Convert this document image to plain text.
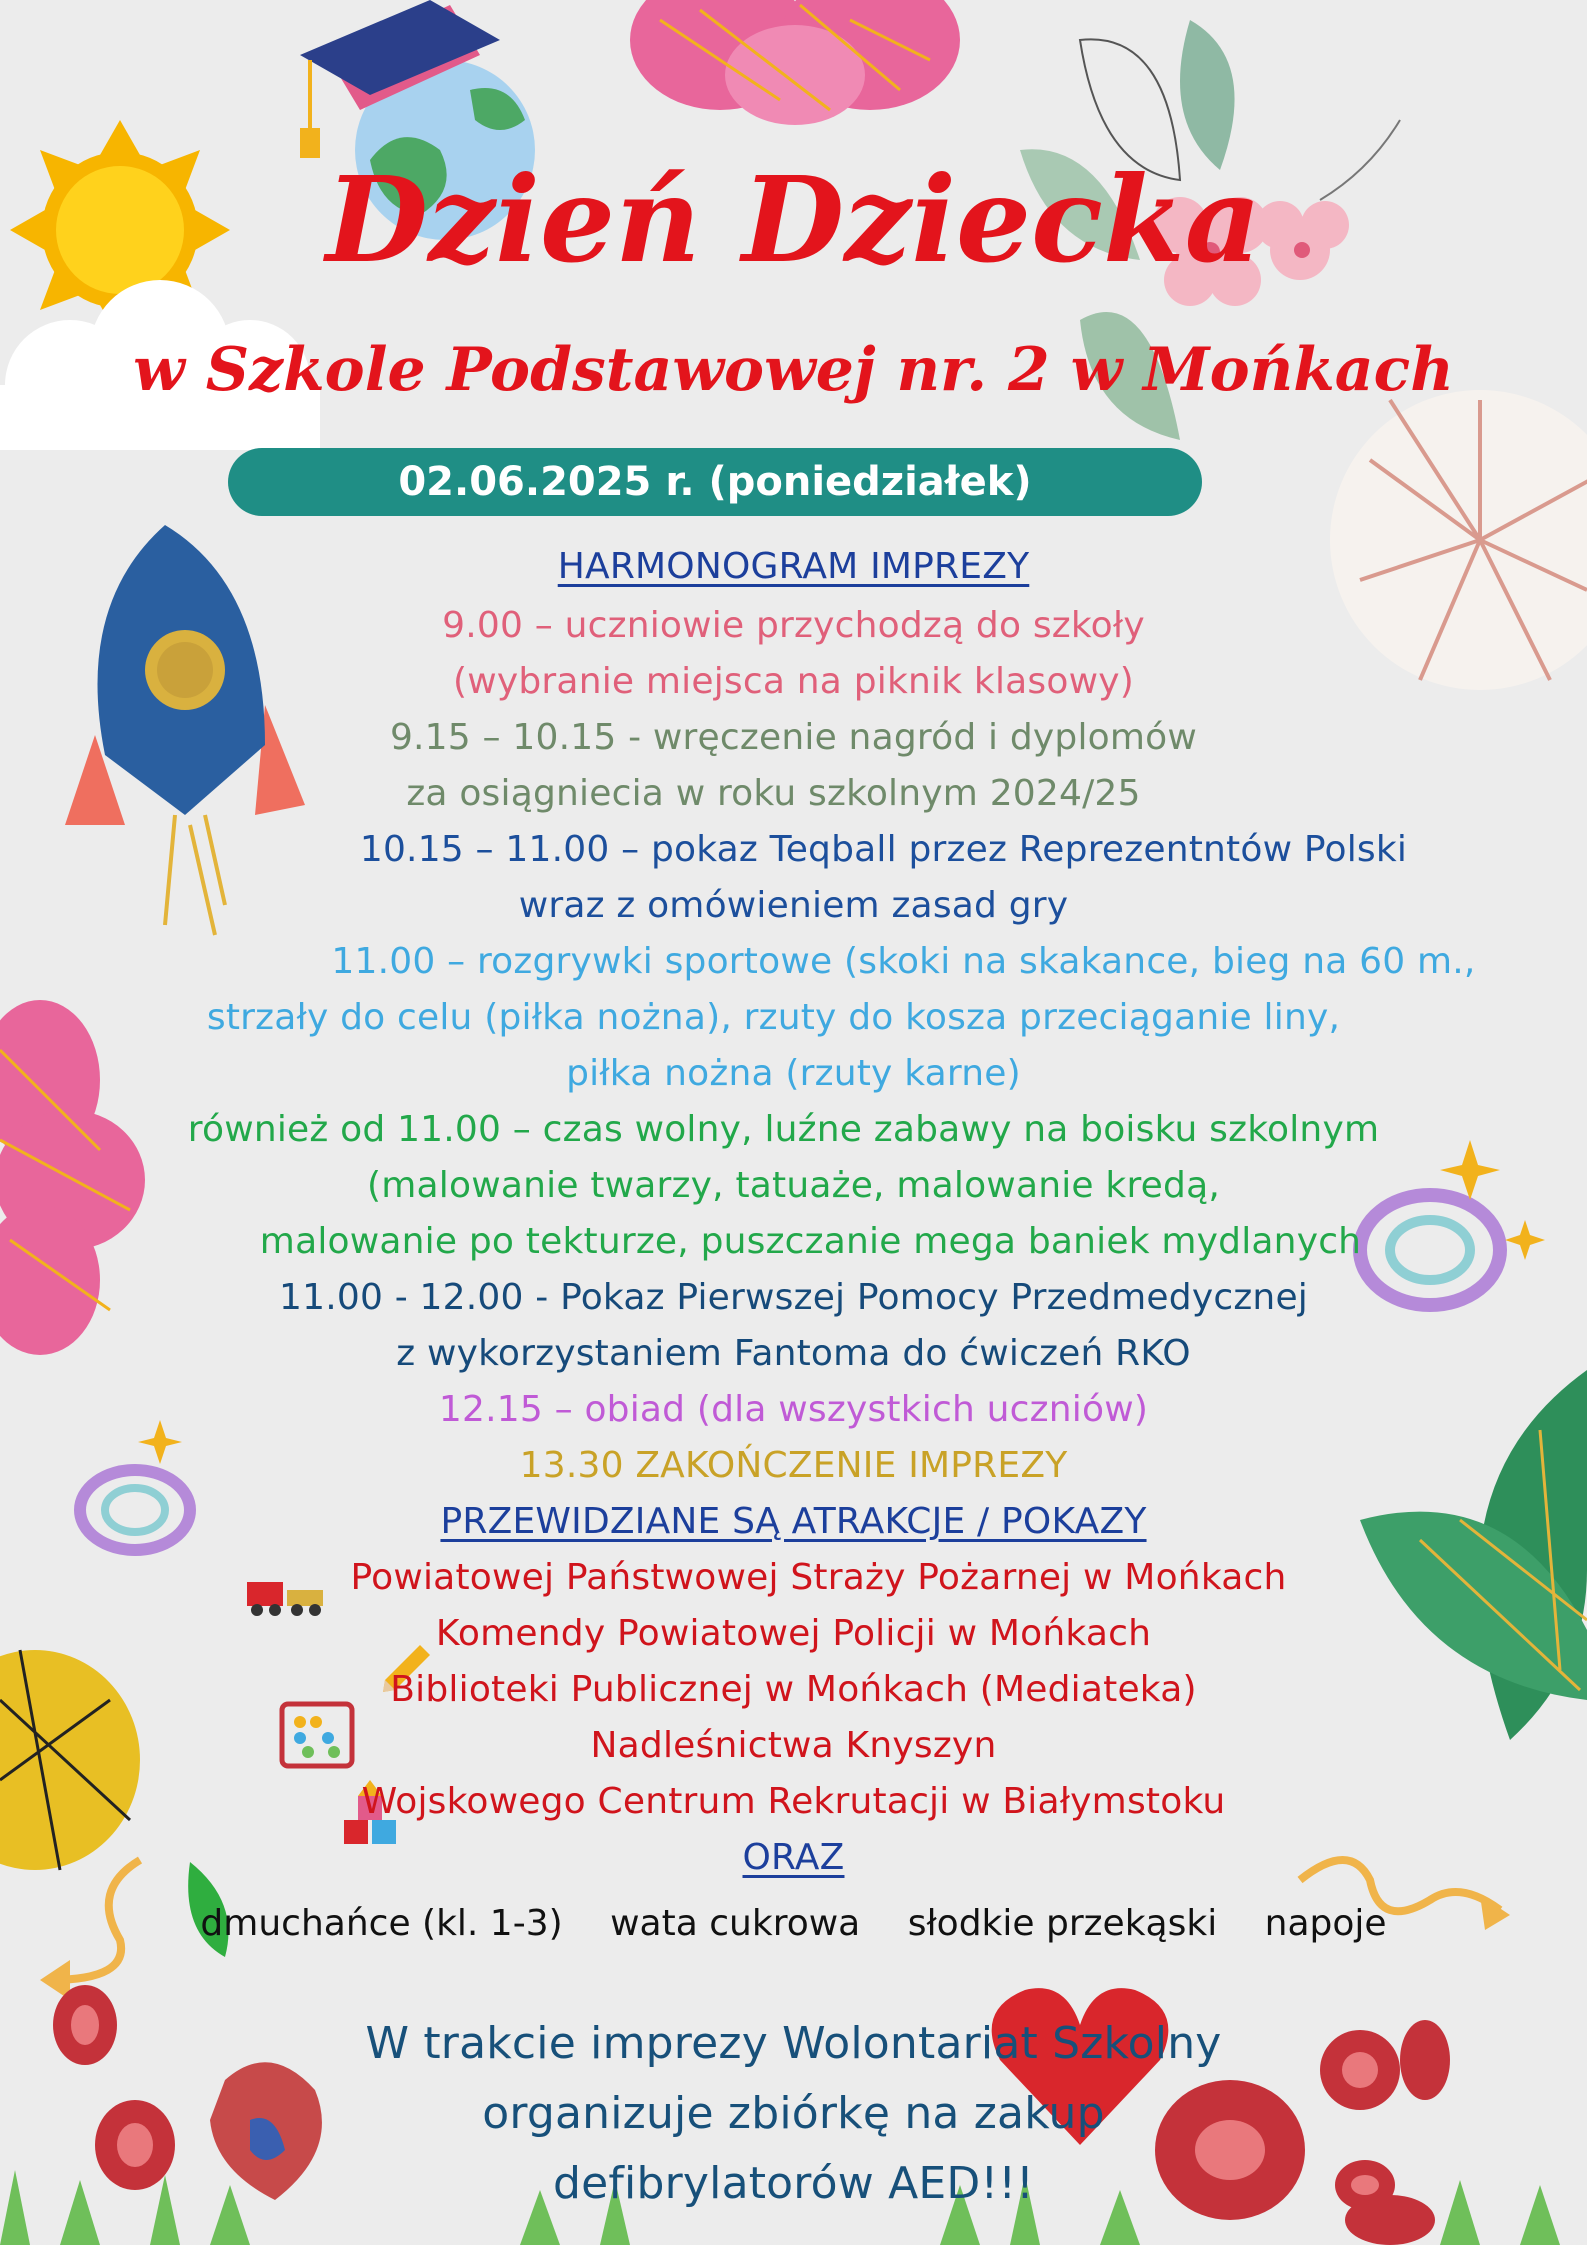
Dzień Dziecka
w Szkole Podstawowej nr. 2 w Mońkach
02.06.2025 r. (poniedziałek)
HARMONOGRAM IMPREZY
9.00 – uczniowie przychodzą do szkoły
(wybranie miejsca na piknik klasowy)
9.15 – 10.15 - wręczenie nagród i dyplomów
za osiągniecia w roku szkolnym 2024/25
10.15 – 11.00 – pokaz Teqball przez Reprezentntów Polski
wraz z omówieniem zasad gry
11.00 – rozgrywki sportowe (skoki na skakance, bieg na 60 m.,
strzały do celu (piłka nożna), rzuty do kosza przeciąganie liny,
piłka nożna (rzuty karne)
również od 11.00 – czas wolny, luźne zabawy na boisku szkolnym
(malowanie twarzy, tatuaże, malowanie kredą,
malowanie po tekturze, puszczanie mega baniek mydlanych
11.00 - 12.00 - Pokaz Pierwszej Pomocy Przedmedycznej
z wykorzystaniem Fantoma do ćwiczeń RKO
12.15 – obiad (dla wszystkich uczniów)
13.30 ZAKOŃCZENIE IMPREZY
PRZEWIDZIANE SĄ ATRAKCJE / POKAZY
Powiatowej Państwowej Straży Pożarnej w Mońkach
Komendy Powiatowej Policji w Mońkach
Biblioteki Publicznej w Mońkach (Mediateka)
Nadleśnictwa Knyszyn
Wojskowego Centrum Rekrutacji w Białymstoku
ORAZ
dmuchańce (kl. 1-3) wata cukrowa słodkie przekąski napoje
W trakcie imprezy Wolontariat Szkolny
organizuje zbiórkę na zakup
defibrylatorów AED!!!
